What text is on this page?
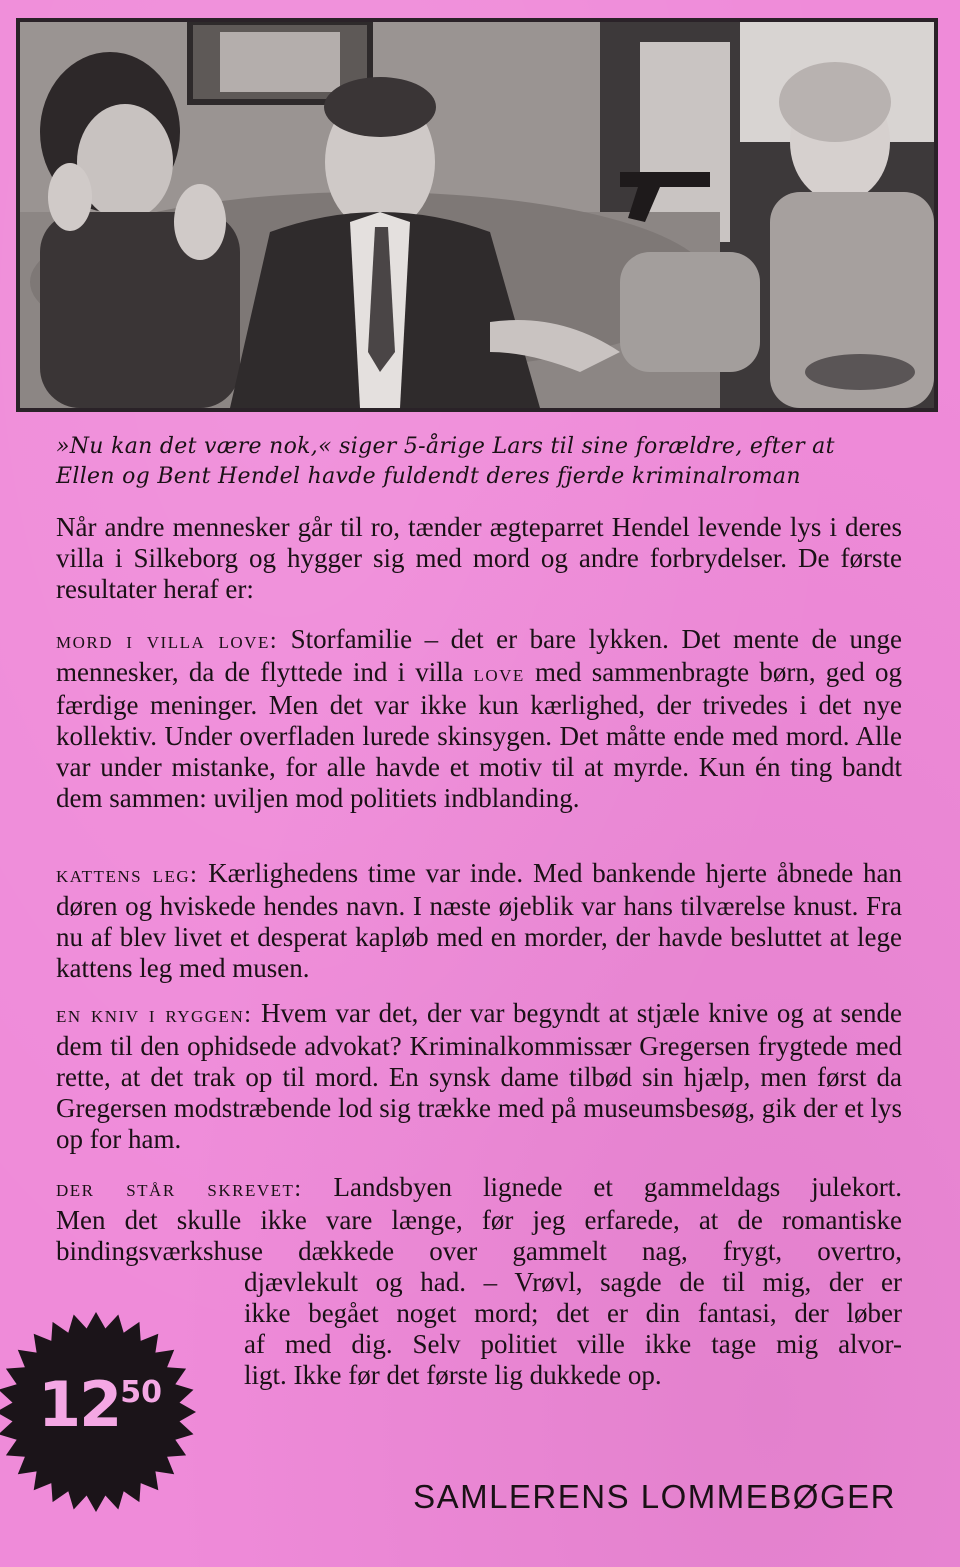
»Nu kan det være nok,« siger 5-årige Lars til sine forældre, efter at
Ellen og Bent Hendel havde fuldendt deres fjerde kriminalroman
Når andre mennesker går til ro, tænder ægteparret Hendel levende lys i deres villa i Silkeborg og hygger sig med mord og andre forbrydelser. De første resultater heraf er:
mord i villa love: Storfamilie – det er bare lykken. Det mente de unge mennesker, da de flyttede ind i villa love med sammenbragte børn, ged og færdige meninger. Men det var ikke kun kærlighed, der trivedes i det nye kollektiv. Under overfladen lurede skinsygen. Det måtte ende med mord. Alle var under mistanke, for alle havde et motiv til at myrde. Kun én ting bandt dem sammen: uviljen mod politiets indblanding.
kattens leg: Kærlighedens time var inde. Med bankende hjerte åbnede han døren og hviskede hendes navn. I næste øjeblik var hans tilværelse knust. Fra nu af blev livet et desperat kapløb med en morder, der havde besluttet at lege kattens leg med musen.
en kniv i ryggen: Hvem var det, der var begyndt at stjæle knive og at sende dem til den ophidsede advokat? Kriminalkommissær Gregersen frygtede med rette, at det trak op til mord. En synsk dame tilbød sin hjælp, men først da Gregersen modstræbende lod sig trække med på museumsbesøg, gik der et lys op for ham.
der står skrevet: Landsbyen lignede et gammeldags julekort.
Men det skulle ikke vare længe, før jeg erfarede, at de romantiske
bindingsværkshuse dækkede over gammelt nag, frygt, overtro,
djævlekult og had. – Vrøvl, sagde de til mig, der er
ikke begået noget mord; det er din fantasi, der løber
af med dig. Selv politiet ville ikke tage mig alvor-
ligt. Ikke før det første lig dukkede op.
1250
SAMLERENS LOMMEBØGER
